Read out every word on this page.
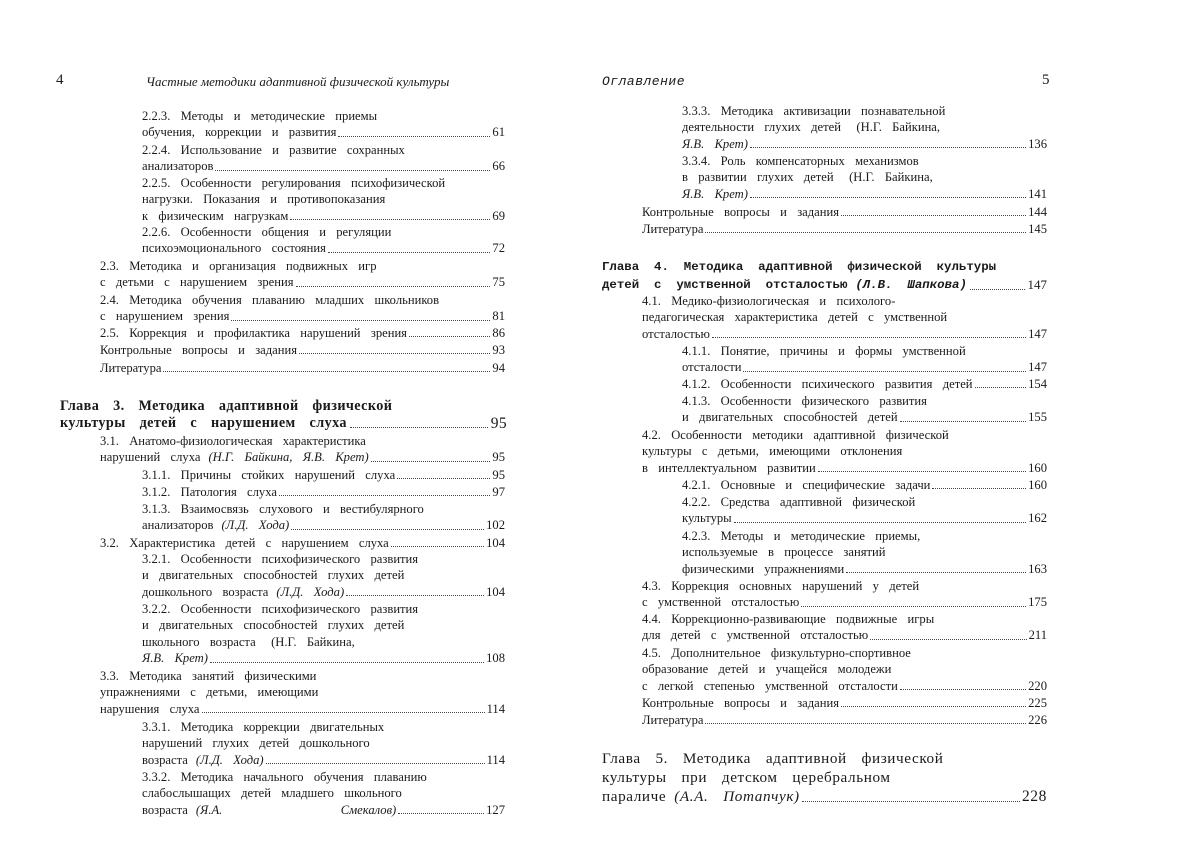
4	Частные методики адаптивной физической культуры
2.2.3.  Методы  и  методические  приемы
обучения,  коррекции  и  развития	61
2.2.4.  Использование  и  развитие  сохранных
анализаторов	66
2.2.5.  Особенности  регулирования  психофизической
нагрузки.  Показания  и  противопоказания
к  физическим  нагрузкам	69
2.2.6.  Особенности  общения  и  регуляции
психоэмоционального  состояния	72
2.3.  Методика  и  организация  подвижных  игр
с  детьми  с  нарушением  зрения	75
2.4.  Методика  обучения  плаванию  младших  школьников
с  нарушением  зрения	81
2.5.  Коррекция  и  профилактика  нарушений  зрения	86
Контрольные  вопросы  и  задания	93
Литература	94
Глава  3.  Методика  адаптивной  физической
культуры  детей  с  нарушением  слуха	95
3.1.  Анатомо-физиологическая  характеристика
нарушений  слуха (Н.Г.  Байкина,  Я.В.  Крет)	95
3.1.1.  Причины  стойких  нарушений  слуха	95
3.1.2.  Патология  слуха	97
3.1.3.  Взаимосвязь  слухового  и  вестибулярного
анализаторов (Л.Д.  Хода)	102
3.2.  Характеристика  детей  с  нарушением  слуха	104
3.2.1.  Особенности  психофизического  развития
и  двигательных  способностей  глухих  детей
дошкольного  возраста (Л.Д.  Хода)	104
3.2.2.  Особенности  психофизического  развития
и  двигательных  способностей  глухих  детей
школьного  возраста   (Н.Г.  Байкина,
Я.В.  Крет)	108
3.3.  Методика  занятий  физическими
упражнениями  с  детьми,  имеющими
нарушения  слуха	114
3.3.1.  Методика  коррекции  двигательных
нарушений  глухих  детей  дошкольного
возраста (Л.Д.  Хода)	114
3.3.2.  Методика  начального  обучения  плаванию
слабослышащих  детей  младшего  школьного
возраста (Я.А.                       Смекалов)	127
Оглавление	5
3.3.3.  Методика  активизации  познавательной
деятельности  глухих  детей   (Н.Г.  Байкина,
Я.В.  Крет)	136
3.3.4.  Роль  компенсаторных  механизмов
в  развитии  глухих  детей   (Н.Г.  Байкина,
Я.В.  Крет)	141
Контрольные  вопросы  и  задания	144
Литература	145
Глава  4.  Методика  адаптивной  физической  культуры
детей  с  умственной  отсталостью (Л.В.  Шапкова)	147
4.1.  Медико-физиологическая  и  психолого-
педагогическая  характеристика  детей  с  умственной
отсталостью	147
4.1.1.  Понятие,  причины  и  формы  умственной
отсталости	147
4.1.2.  Особенности  психического  развития  детей	154
4.1.3.  Особенности  физического  развития
и  двигательных  способностей  детей	155
4.2.  Особенности  методики  адаптивной  физической
культуры  с  детьми,  имеющими  отклонения
в  интеллектуальном  развитии	160
4.2.1.  Основные  и  специфические  задачи	160
4.2.2.  Средства  адаптивной  физической
культуры	162
4.2.3.  Методы  и  методические  приемы,
используемые  в  процессе  занятий
физическими  упражнениями	163
4.3.  Коррекция  основных  нарушений  у  детей
с  умственной  отсталостью	175
4.4.  Коррекционно-развивающие  подвижные  игры
для  детей  с  умственной  отсталостью	211
4.5.  Дополнительное  физкультурно-спортивное
образование  детей  и  учащейся  молодежи
с  легкой  степенью  умственной  отсталости	220
Контрольные  вопросы  и  задания	225
Литература	226
Глава  5.  Методика  адаптивной  физической
культуры  при  детском  церебральном
параличе (А.А.  Потапчук)	228
